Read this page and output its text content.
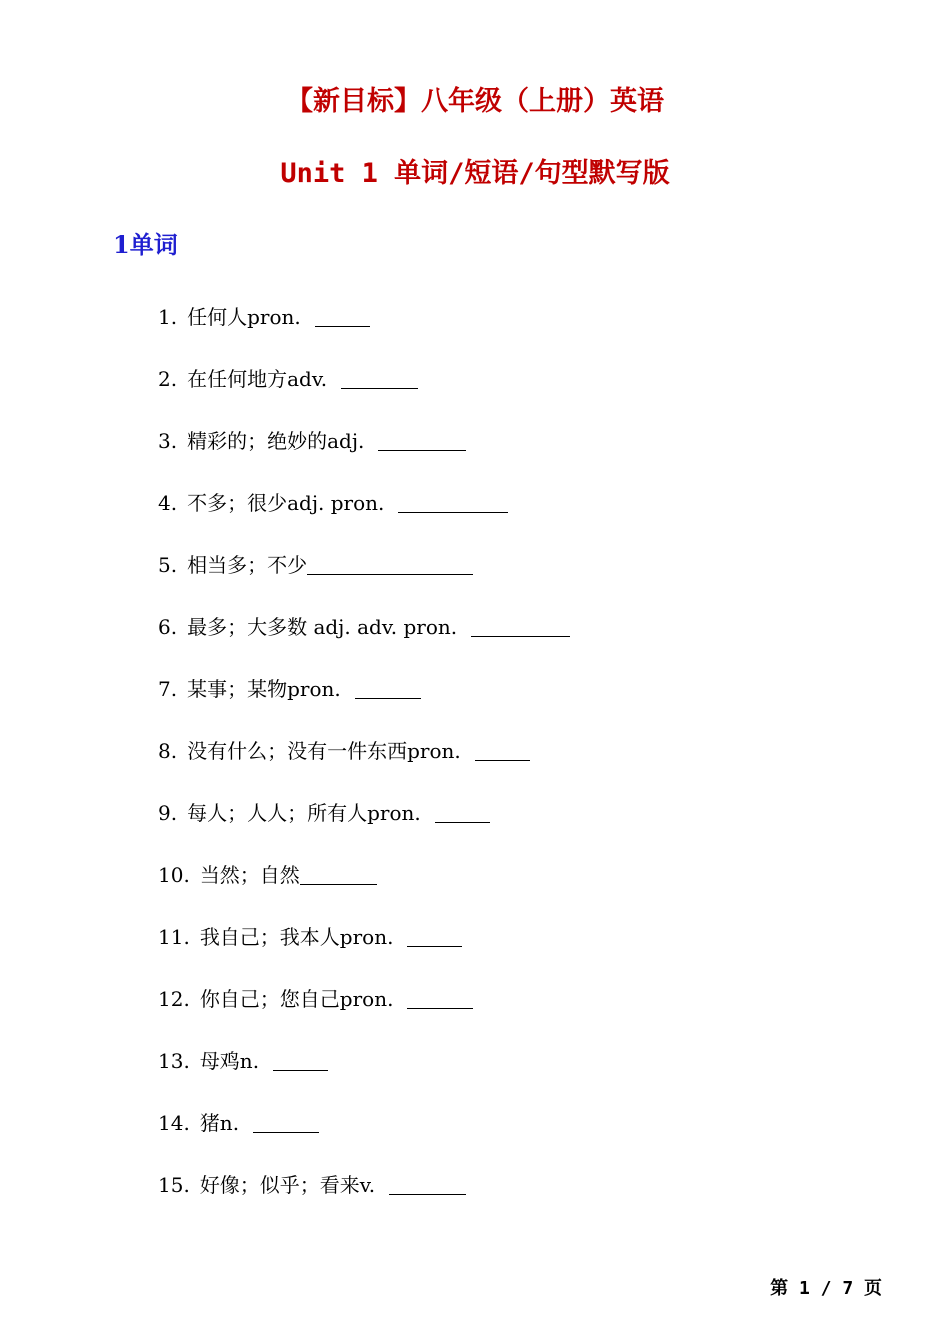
【新目标】八年级（上册）英语
Unit 1 单词/短语/句型默写版
1单词
1. 任何人pron.
2. 在任何地方adv.
3. 精彩的；绝妙的adj.
4. 不多；很少adj. pron.
5. 相当多；不少
6. 最多；大多数 adj. adv. pron.
7. 某事；某物pron.
8. 没有什么；没有一件东西pron.
9. 每人；人人；所有人pron.
10. 当然；自然
11. 我自己；我本人pron.
12. 你自己；您自己pron.
13. 母鸡n.
14. 猪n.
15. 好像；似乎；看来v.
第 1 / 7 页
